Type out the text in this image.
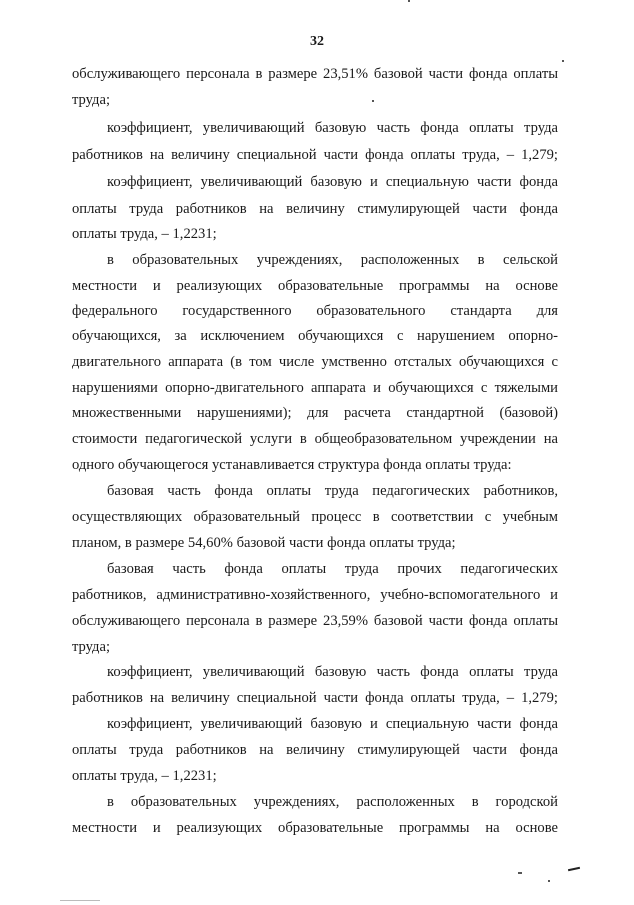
32
обслуживающего персонала в размере 23,51% базовой части фонда оплаты
труда;
коэффициент, увеличивающий базовую часть фонда оплаты труда
работников на величину специальной части фонда оплаты труда, – 1,279;
коэффициент, увеличивающий базовую и специальную части фонда
оплаты труда работников на величину стимулирующей части фонда
оплаты труда, – 1,2231;
в образовательных учреждениях, расположенных в сельской
местности и реализующих образовательные программы на основе
федерального государственного образовательного стандарта для
обучающихся, за исключением обучающихся с нарушением опорно-
двигательного аппарата (в том числе умственно отсталых обучающихся с
нарушениями опорно-двигательного аппарата и обучающихся с тяжелыми
множественными нарушениями); для расчета стандартной (базовой)
стоимости педагогической услуги в общеобразовательном учреждении на
одного обучающегося устанавливается структура фонда оплаты труда:
базовая часть фонда оплаты труда педагогических работников,
осуществляющих образовательный процесс в соответствии с учебным
планом, в размере 54,60% базовой части фонда оплаты труда;
базовая часть фонда оплаты труда прочих педагогических
работников, административно-хозяйственного, учебно-вспомогательного и
обслуживающего персонала в размере 23,59% базовой части фонда оплаты
труда;
коэффициент, увеличивающий базовую часть фонда оплаты труда
работников на величину специальной части фонда оплаты труда, – 1,279;
коэффициент, увеличивающий базовую и специальную части фонда
оплаты труда работников на величину стимулирующей части фонда
оплаты труда, – 1,2231;
в образовательных учреждениях, расположенных в городской
местности и реализующих образовательные программы на основе
